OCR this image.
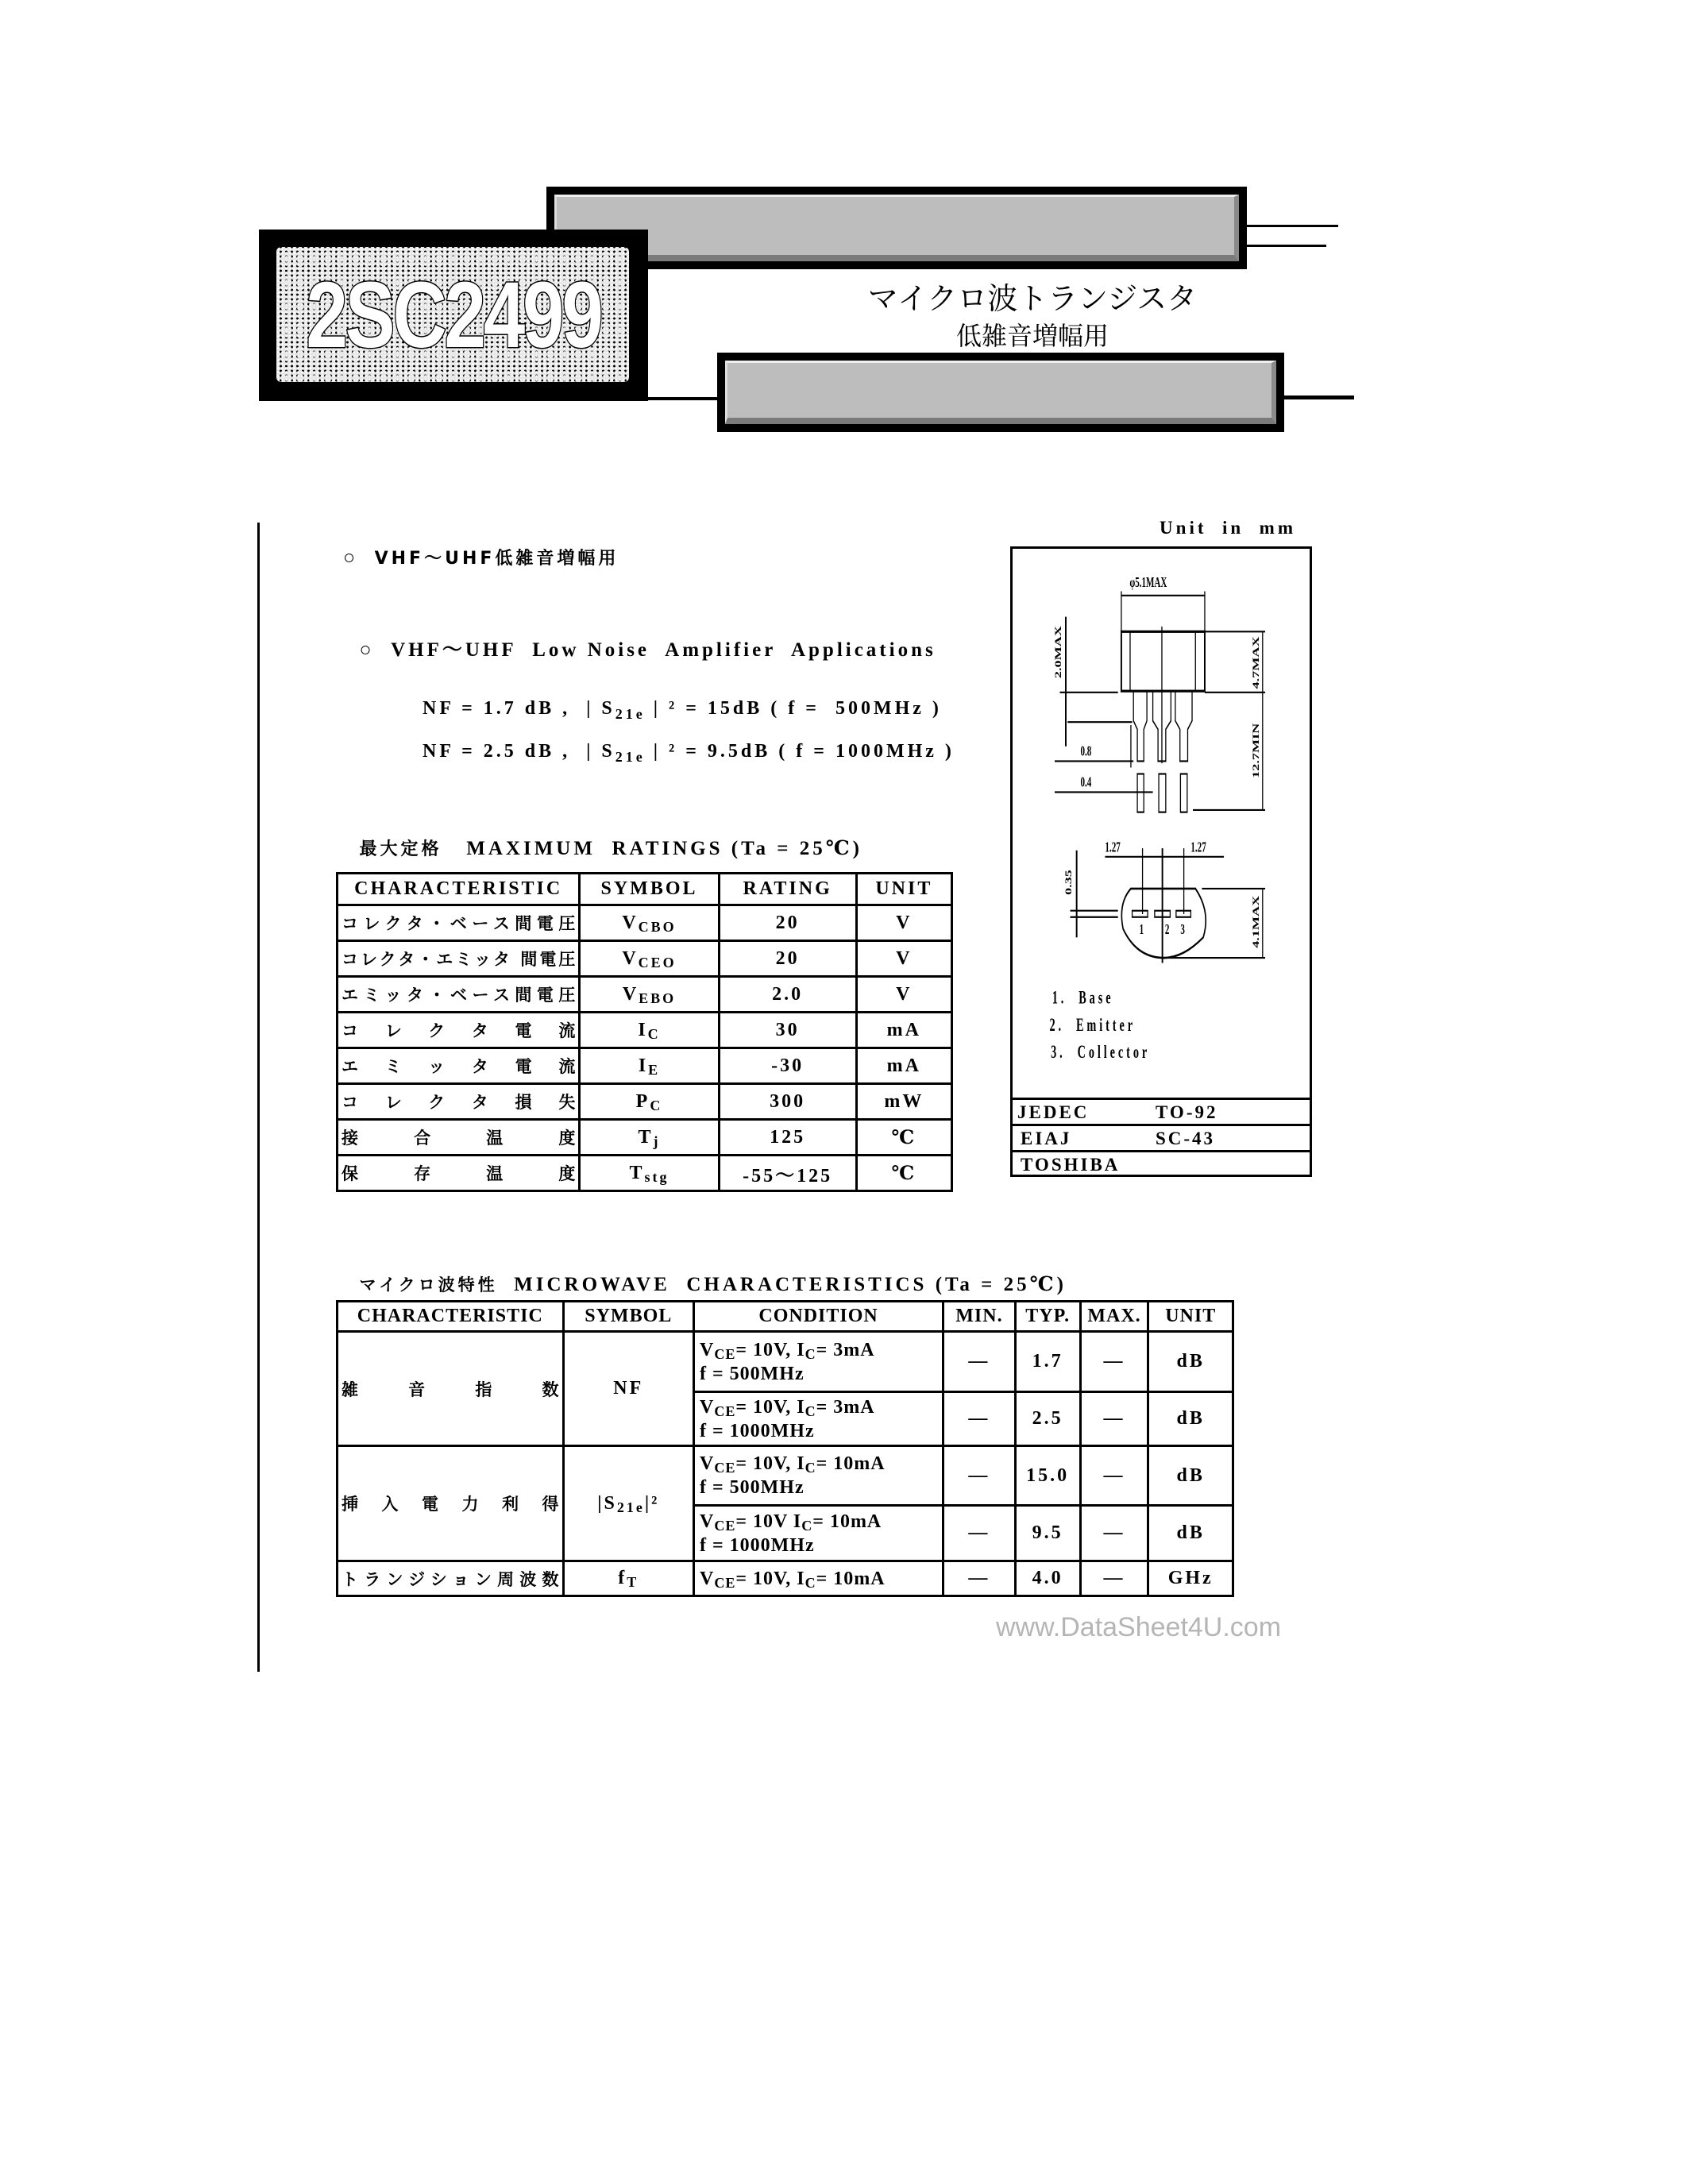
2SC2499	マイクロ波トランジスタ
低雑音増幅用
○ VHF～UHF低雑音増幅用

○ VHF～UHF  Low Noise  Amplifier  Applications

NF = 1.7 dB ,  | $S_{21e}$ | ² = 15dB ( f =  500MHz )

NF = 2.5 dB ,  | $S_{21e}$ | ² = 9.5dB ( f = 1000MHz )

最大定格 MAXIMUM  RATINGS (Ta = 25℃)

CHARACTERISTIC	SYMBOL	RATING	UNIT
コレクタ・ベース間電圧	$V_{CBO}$	20	V
コレクタ・エミッタ 間電圧	$V_{CEO}$	20	V
エミッタ・ベース間電圧	$V_{EBO}$	2.0	V
コレクタ電流	$I_C$	30	mA
エミッタ電流	$I_E$	-30	mA
コレクタ損失	$P_C$	300	mW
接合温度	$T_j$	125	℃
保存温度	$T_{stg}$	-55～125	℃

マイクロ波特性 MICROWAVE  CHARACTERISTICS (Ta = 25℃)

CHARACTERISTIC	SYMBOL	CONDITION	MIN.	TYP.	MAX.	UNIT
雑音指数	NF	$V_{CE}= 10V$, $I_C= 3mA$
f = 500MHz	—	1.7	—	dB

		$V_{CE}= 10V$, $I_C= 3mA$
f = 1000MHz	—	2.5	—	dB
挿入電力利得	$|S_{21e}|^2$	$V_{CE}= 10V$, $I_C= 10mA$
f = 500MHz	—	15.0	—	dB

		$V_{CE}= 10V$ $I_C= 10mA$
f = 1000MHz	—	9.5	—	dB
トランジション周波数	$f_T$	$V_{CE}= 10V$, $I_C= 10mA$	—	4.0	—	GHz
www.DataSheet4U.com
Unit  in  mm
φ5.1MAX
0.8
0.4
1.27	1.27
1 2 3
2.0MAX	4.7MAX
12.7MIN
0.35
4.1MAX
1.  Base
2.  Emitter
3.  Collector
JEDEC	TO-92
EIAJ	SC-43
TOSHIBA
